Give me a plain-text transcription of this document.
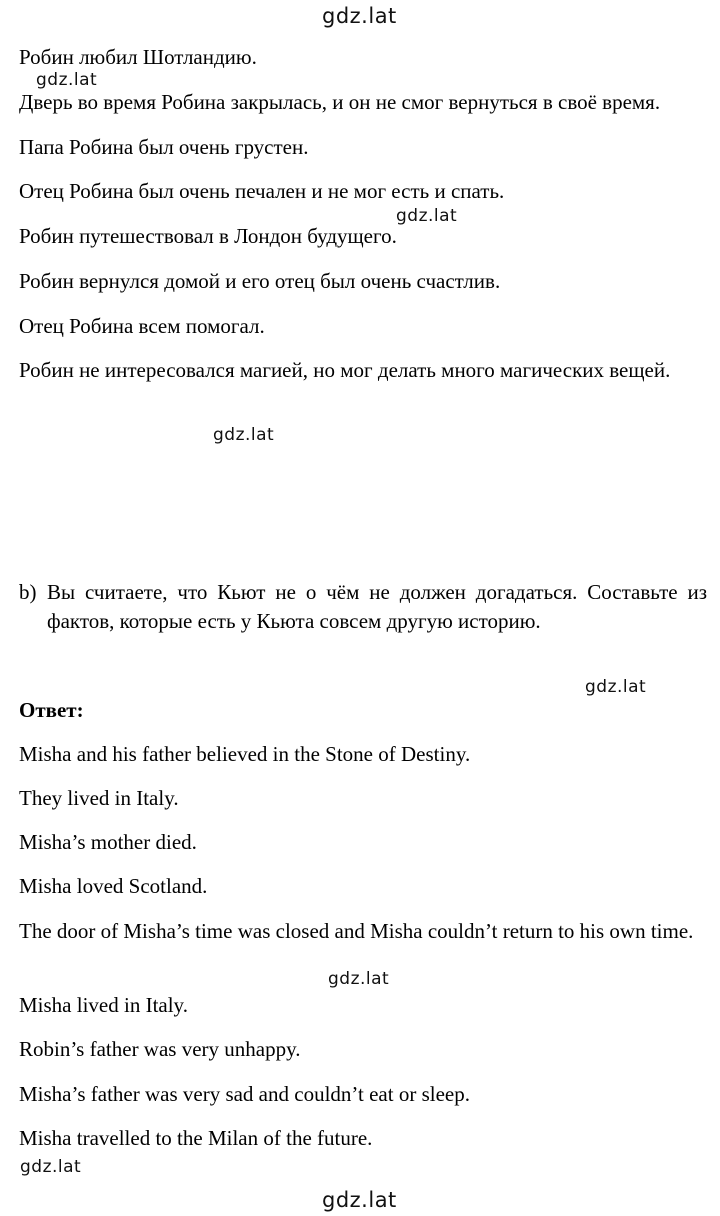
gdz.lat
gdz.lat
gdz.lat
gdz.lat
gdz.lat
gdz.lat
gdz.lat
gdz.lat
Робин любил Шотландию.
Дверь во время Робина закрылась, и он не смог вернуться в своё время.
Папа Робина был очень грустен.
Отец Робина был очень печален и не мог есть и спать.
Робин путешествовал в Лондон будущего.
Робин вернулся домой и его отец был очень счастлив.
Отец Робина всем помогал.
Робин не интересовался магией, но мог делать много магических вещей.
b) Вы считаете, что Кьют не о чём не должен догадаться. Составьте из фактов, которые есть у Кьюта совсем другую историю.
Ответ:
Misha and his father believed in the Stone of Destiny.
They lived in Italy.
Misha’s mother died.
Misha loved Scotland.
The door of Misha’s time was closed and Misha couldn’t return to his own time.
Misha lived in Italy.
Robin’s father was very unhappy.
Misha’s father was very sad and couldn’t eat or sleep.
Misha travelled to the Milan of the future.
